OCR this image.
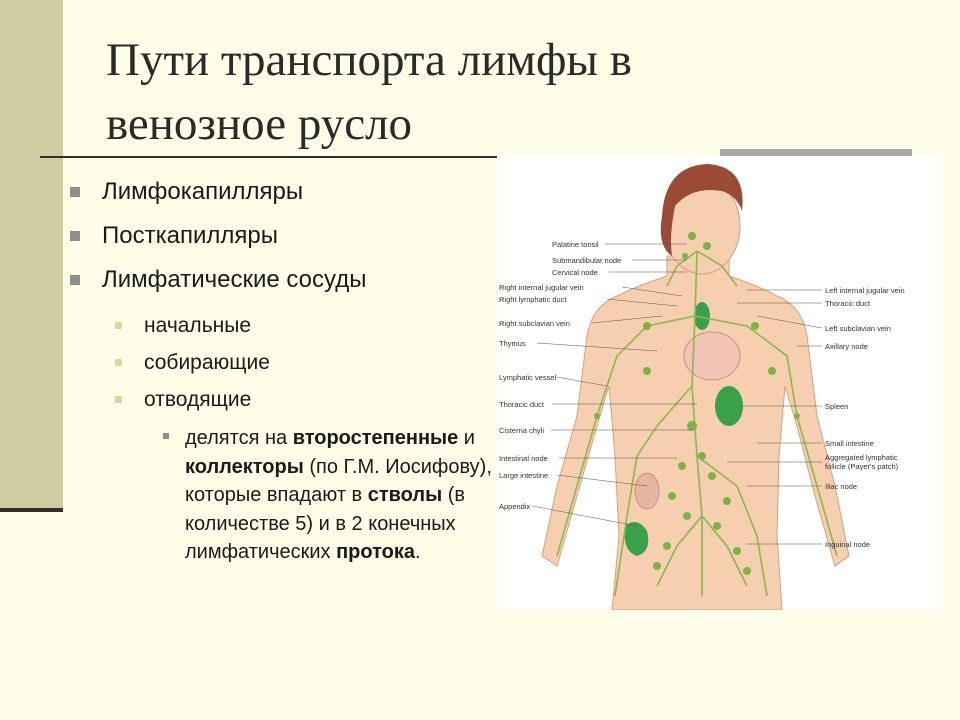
Пути транспорта лимфы в
венозное русло
Лимфокапилляры
Посткапилляры
Лимфатические сосуды
начальные
собирающие
отводящие
делятся на второстепенные и коллекторы (по Г.М. Иосифову), которые впадают в стволы (в количестве 5) и в 2 конечных лимфатических протока.
Palatine tonsil
Submandibular node
Cervical node
Right internal jugular vein
Right lymphatic duct
Right subclavian vein
Thymus
Lymphatic vessel
Thoracic duct
Cisterna chyli
Intestinal node
Large intestine
Appendix
Left internal jugular vein
Thoracic duct
Left subclavian vein
Axillary node
Spleen
Small intestine
Aggregated lymphatic
follicle (Payer's patch)
Iliac node
Inguinal node
